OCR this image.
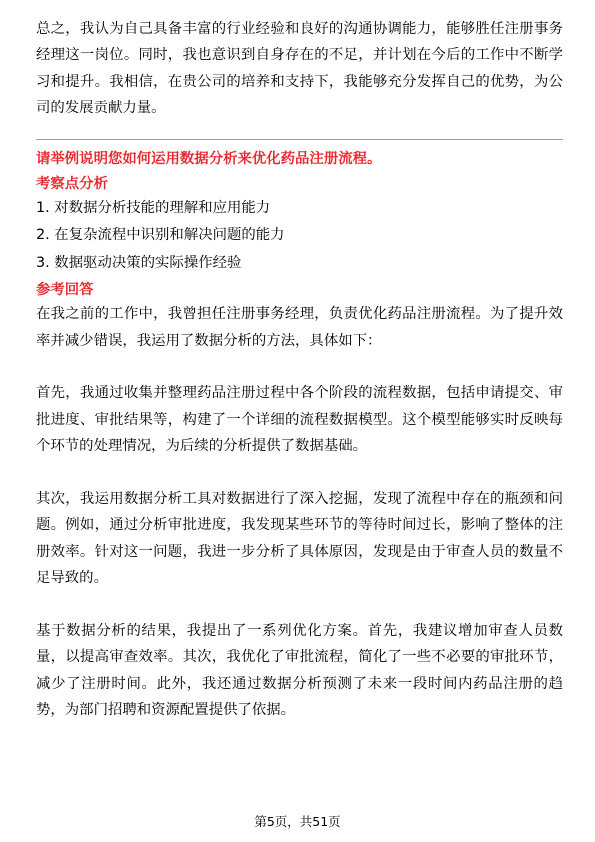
总之，我认为自己具备丰富的行业经验和良好的沟通协调能力，能够胜任注册事务经理这一岗位。同时，我也意识到自身存在的不足，并计划在今后的工作中不断学习和提升。我相信，在贵公司的培养和支持下，我能够充分发挥自己的优势，为公司的发展贡献力量。

请举例说明您如何运用数据分析来优化药品注册流程。

考察点分析

1. 对数据分析技能的理解和应用能力

2. 在复杂流程中识别和解决问题的能力

3. 数据驱动决策的实际操作经验

参考回答

在我之前的工作中，我曾担任注册事务经理，负责优化药品注册流程。为了提升效率并减少错误，我运用了数据分析的方法，具体如下：

首先，我通过收集并整理药品注册过程中各个阶段的流程数据，包括申请提交、审批进度、审批结果等，构建了一个详细的流程数据模型。这个模型能够实时反映每个环节的处理情况，为后续的分析提供了数据基础。

其次，我运用数据分析工具对数据进行了深入挖掘，发现了流程中存在的瓶颈和问题。例如，通过分析审批进度，我发现某些环节的等待时间过长，影响了整体的注册效率。针对这一问题，我进一步分析了具体原因，发现是由于审查人员的数量不足导致的。

基于数据分析的结果，我提出了一系列优化方案。首先，我建议增加审查人员数量，以提高审查效率。其次，我优化了审批流程，简化了一些不必要的审批环节，减少了注册时间。此外，我还通过数据分析预测了未来一段时间内药品注册的趋势，为部门招聘和资源配置提供了依据。

第5页，共51页
